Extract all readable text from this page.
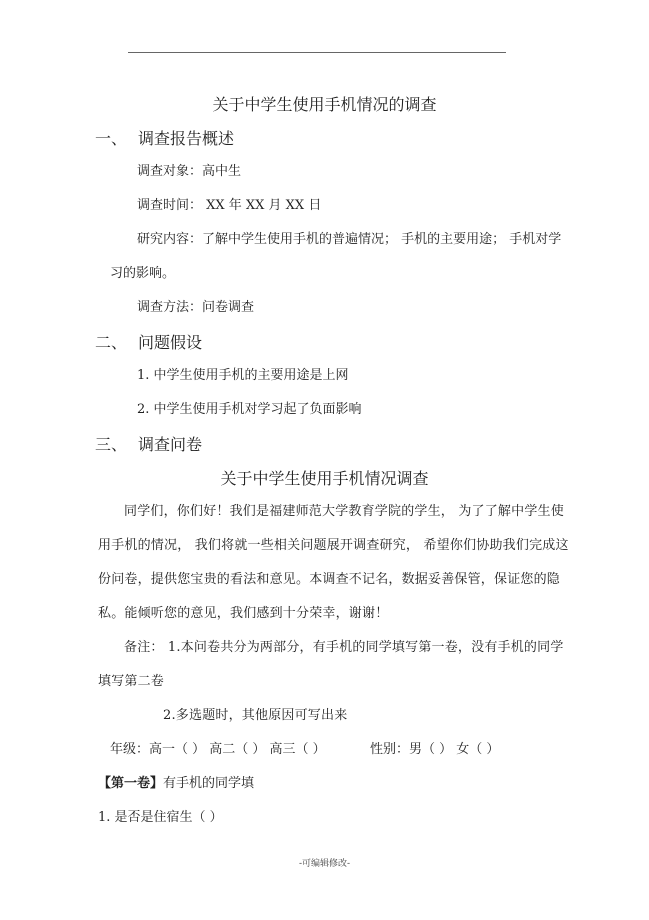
关于中学生使用手机情况的调查
一、 调查报告概述
调查对象：高中生
调查时间： XX 年 XX 月 XX 日
研究内容：了解中学生使用手机的普遍情况； 手机的主要用途； 手机对学
习的影响。
调查方法：问卷调查
二、 问题假设
1. 中学生使用手机的主要用途是上网
2. 中学生使用手机对学习起了负面影响
三、 调查问卷
关于中学生使用手机情况调查
同学们，你们好！我们是福建师范大学教育学院的学生， 为了了解中学生使
用手机的情况， 我们将就一些相关问题展开调查研究， 希望你们协助我们完成这
份问卷，提供您宝贵的看法和意见。本调查不记名，数据妥善保管，保证您的隐
私。能倾听您的意见，我们感到十分荣幸，谢谢！
备注： 1.本问卷共分为两部分，有手机的同学填写第一卷，没有手机的同学
填写第二卷
2.多选题时，其他原因可写出来
年级：高一（ ） 高二（ ） 高三（ ）	性别：男（ ） 女（ ）
【第一卷】有手机的同学填
1. 是否是住宿生（ ）
-可编辑修改-
